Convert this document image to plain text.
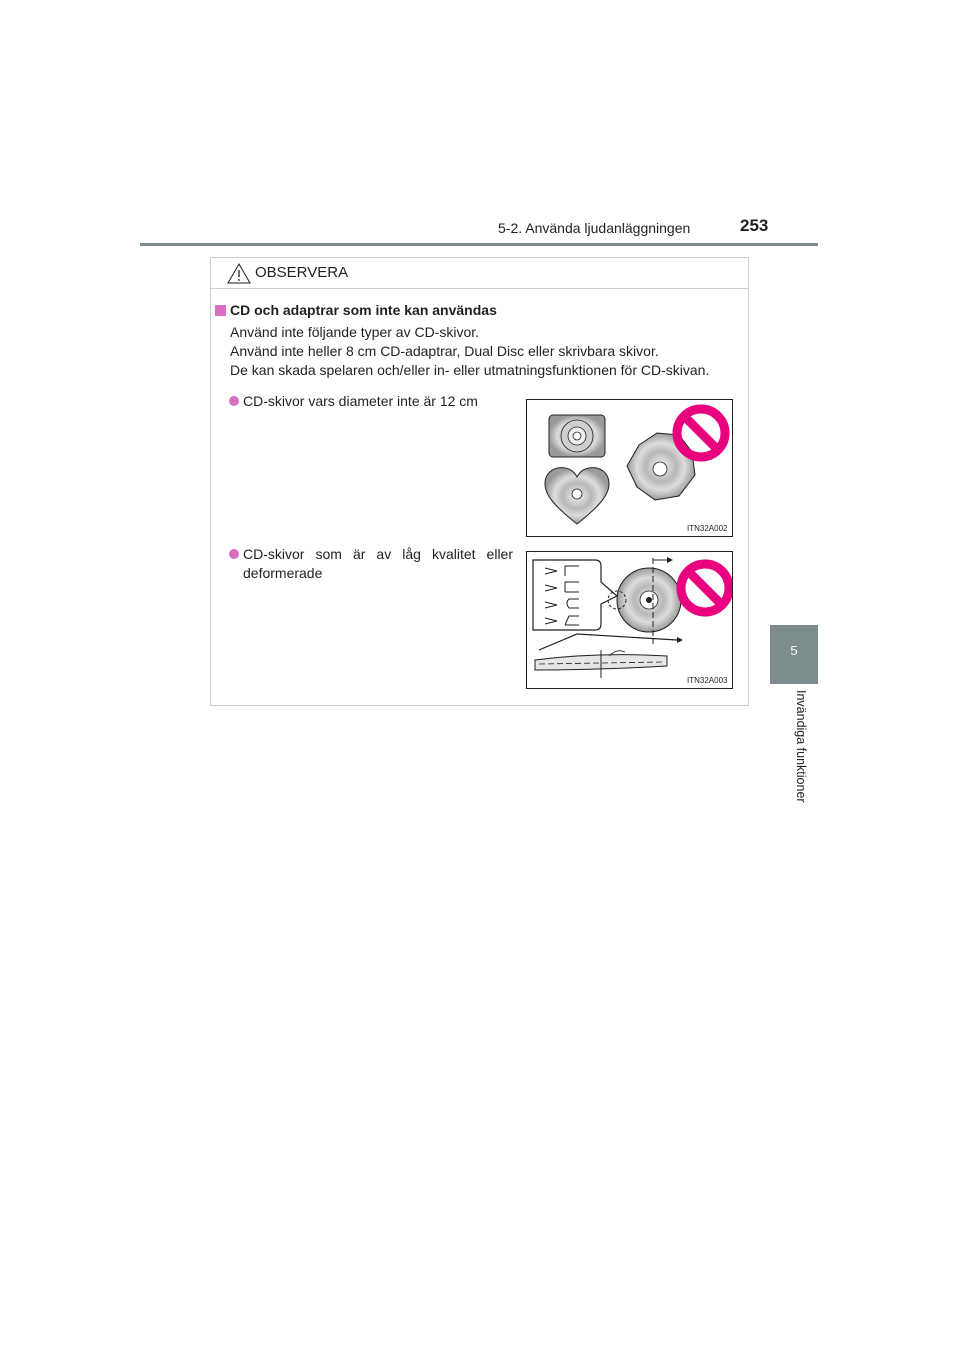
5-2. Använda ljudanläggningen	253
5
Invändiga funktioner
OBSERVERA
CD och adaptrar som inte kan användas
Använd inte följande typer av CD-skivor.
Använd inte heller 8 cm CD-adaptrar, Dual Disc eller skrivbara skivor.
De kan skada spelaren och/eller in- eller utmatningsfunktionen för CD-skivan.
CD-skivor vars diameter inte är 12 cm
ITN32A002
CD-skivor som är av låg kvalitet eller
deformerade
ITN32A003
